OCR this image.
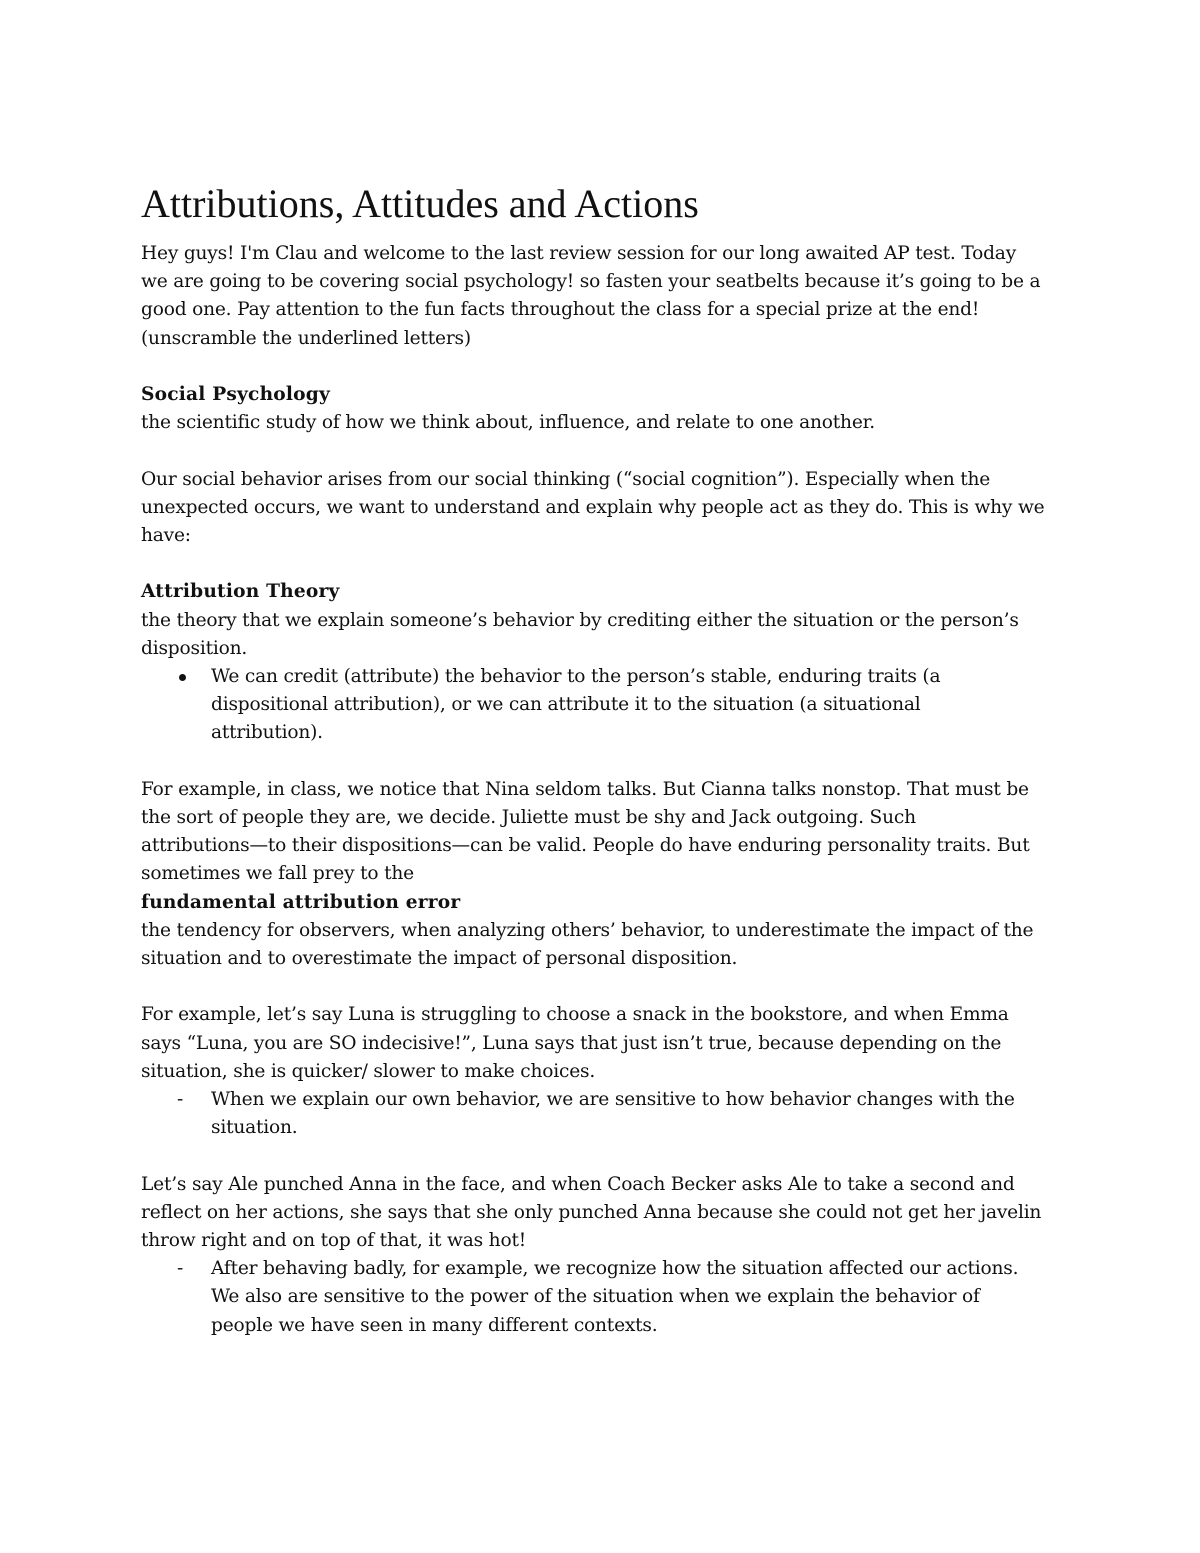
Attributions, Attitudes and Actions
Hey guys! I'm Clau and welcome to the last review session for our long awaited AP test. Today
we are going to be covering social psychology! so fasten your seatbelts because it’s going to be a
good one. Pay attention to the fun facts throughout the class for a special prize at the end!
(unscramble the underlined letters)
Social Psychology

the scientific study of how we think about, influence, and relate to one another.

Our social behavior arises from our social thinking (“social cognition”). Especially when the
unexpected occurs, we want to understand and explain why people act as they do. This is why we
have:
Attribution Theory
the theory that we explain someone’s behavior by crediting either the situation or the person’s
disposition.
We can credit (attribute) the behavior to the person’s stable, enduring traits (a
dispositional attribution), or we can attribute it to the situation (a situational
attribution).
For example, in class, we notice that Nina seldom talks. But Cianna talks nonstop. That must be
the sort of people they are, we decide. Juliette must be shy and Jack outgoing. Such
attributions—to their dispositions—can be valid. People do have enduring personality traits. But
sometimes we fall prey to the
fundamental attribution error
the tendency for observers, when analyzing others’ behavior, to underestimate the impact of the
situation and to overestimate the impact of personal disposition.
For example, let’s say Luna is struggling to choose a snack in the bookstore, and when Emma
says “Luna, you are SO indecisive!”, Luna says that just isn’t true, because depending on the
situation, she is quicker/ slower to make choices.
-	When we explain our own behavior, we are sensitive to how behavior changes with the
situation.
Let’s say Ale punched Anna in the face, and when Coach Becker asks Ale to take a second and
reflect on her actions, she says that she only punched Anna because she could not get her javelin
throw right and on top of that, it was hot!
-	After behaving badly, for example, we recognize how the situation affected our actions.
We also are sensitive to the power of the situation when we explain the behavior of
people we have seen in many different contexts.
